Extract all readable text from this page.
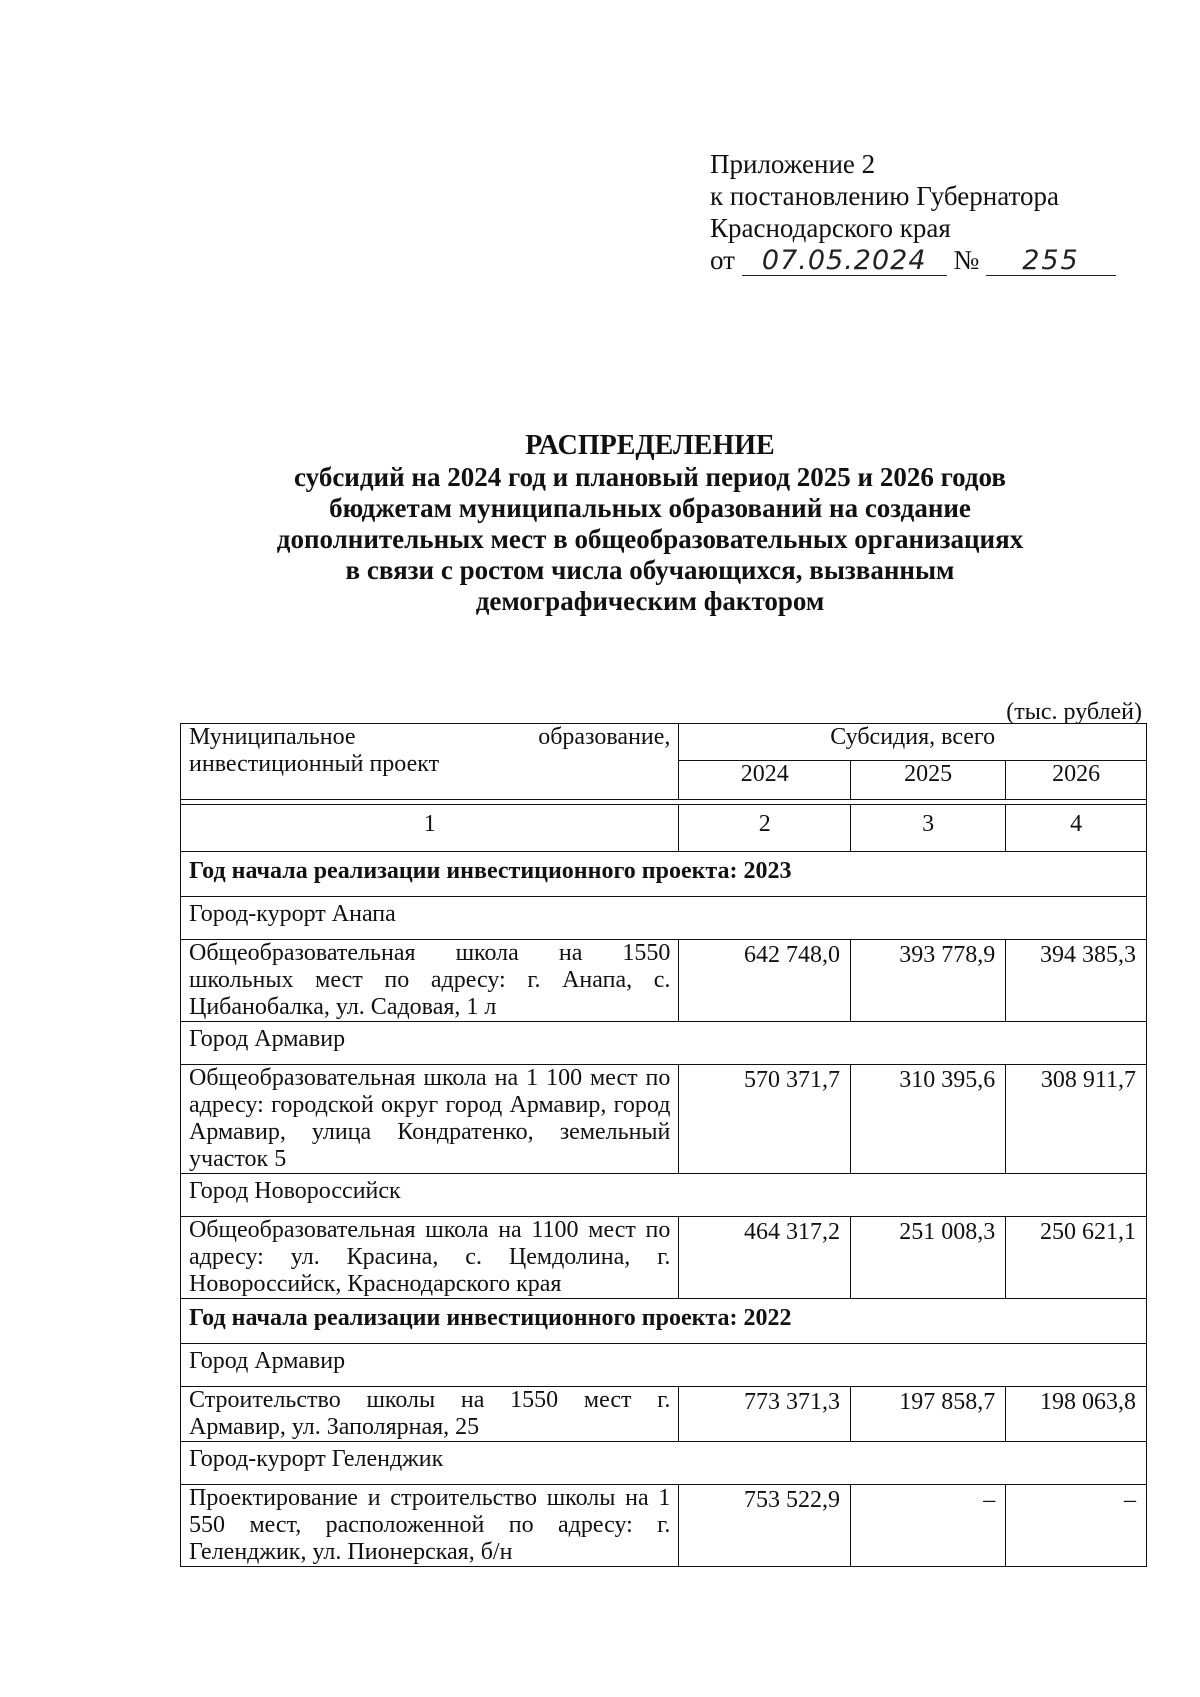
Приложение 2
к постановлению Губернатора
Краснодарского края
от 07.05.2024 № 255
РАСПРЕДЕЛЕНИЕ
субсидий на 2024 год и плановый период 2025 и 2026 годов
бюджетам муниципальных образований на создание
дополнительных мест в общеобразовательных организациях
в связи с ростом числа обучающихся, вызванным
демографическим фактором
(тыс. рублей)
Муниципальное образование, инвестиционный проект	Субсидия, всего		
	2024	2025	2026

1	2	3	4
Год начала реализации инвестиционного проекта: 2023			
Город-курорт Анапа			
Общеобразовательная школа на 1550 школьных мест по адресу: г. Анапа, с. Цибанобалка, ул. Садовая, 1 л	642 748,0	393 778,9	394 385,3
Город Армавир			
Общеобразовательная школа на 1 100 мест по адресу: городской округ город Армавир, город Армавир, улица Кондратенко, земельный участок 5	570 371,7	310 395,6	308 911,7
Город Новороссийск			
Общеобразовательная школа на 1100 мест по адресу: ул. Красина, с. Цемдолина, г. Новороссийск, Краснодарского края	464 317,2	251 008,3	250 621,1
Год начала реализации инвестиционного проекта: 2022			
Город Армавир			
Строительство школы на 1550 мест г. Армавир, ул. Заполярная, 25	773 371,3	197 858,7	198 063,8
Город-курорт Геленджик			
Проектирование и строительство школы на 1 550 мест, расположенной по адресу: г. Геленджик, ул. Пионерская, б/н	753 522,9	–	–
